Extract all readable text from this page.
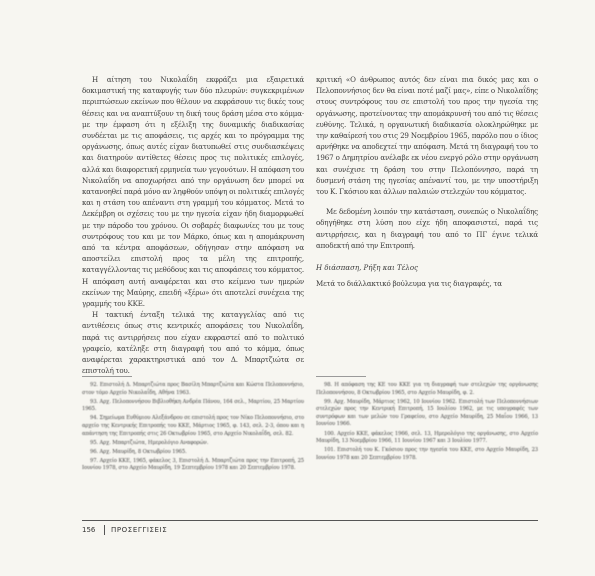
Η αίτηση του Νικολαΐδη εκφράζει μια εξαιρετικά δοκιμαστική της καταφυγής των δύο πλευρών: συγκεκριμένων περιπτώσεων εκείνων που θέλουν να εκφράσουν τις δικές τους θέσεις και να αναπτύξουν τη δική τους δράση μέσα στο κόμμα· με την έμφαση ότι η εξέλιξη της δυναμικής διαδικασίας συνδέεται με τις αποφάσεις, τις αρχές και το πρόγραμμα της οργάνωσης, όπως αυτές είχαν διατυπωθεί στις συνδιασκέψεις και διατηρούν αντίθετες θέσεις προς τις πολιτικές επιλογές, αλλά και διαφορετική ερμηνεία των γεγονότων. Η απόφαση του Νικολαΐδη να αποχωρήσει από την οργάνωση δεν μπορεί να κατανοηθεί παρά μόνο αν ληφθούν υπόψη οι πολιτικές επιλογές και η στάση του απέναντι στη γραμμή του κόμματος. Μετά το Δεκέμβρη οι σχέσεις του με την ηγεσία είχαν ήδη διαμορφωθεί με την πάροδο του χρόνου. Οι σοβαρές διαφωνίες του με τους συντρόφους του και με τον Μάρκο, όπως και η απομάκρυνση από τα κέντρα αποφάσεων, οδήγησαν στην απόφαση να αποστείλει επιστολή προς τα μέλη της επιτροπής, καταγγέλλοντας τις μεθόδους και τις αποφάσεις του κόμματος. Η απόφαση αυτή αναφέρεται και στο κείμενο των ημερών εκείνων της Μαύρης, επειδή «ξέρω» ότι αποτελεί συνέχεια της γραμμής του ΚΚΕ.

Η τακτική ένταξη τελικά της καταγγελίας από τις αντιθέσεις όπως στις κεντρικές αποφάσεις του Νικολαΐδη, παρά τις αντιρρήσεις που είχαν εκφραστεί από το πολιτικό γραφείο, κατέληξε στη διαγραφή του από το κόμμα, όπως αναφέρεται χαρακτηριστικά από τον Δ. Μπαρτζιώτα σε επιστολή του.

κριτική «Ο άνθρωπος αυτός δεν είναι πια δικός μας και ο Πελοποννήσιος δεν θα είναι ποτέ μαζί μας», είπε ο Νικολαΐδης στους συντρόφους του σε επιστολή του προς την ηγεσία της οργάνωσης, προτείνοντας την απομάκρυνσή του από τις θέσεις ευθύνης. Τελικά, η οργανωτική διαδικασία ολοκληρώθηκε με την καθαίρεσή του στις 29 Νοεμβρίου 1965, παρόλο που ο ίδιος αρνήθηκε να αποδεχτεί την απόφαση. Μετά τη διαγραφή του το 1967 ο Δημητρίου ανέλαβε εκ νέου ενεργό ρόλο στην οργάνωση και συνέχισε τη δράση του στην Πελοπόννησο, παρά τη δυσμενή στάση της ηγεσίας απέναντί του, με την υποστήριξη του Κ. Γκόσιου και άλλων παλαιών στελεχών του κόμματος.

Με δεδομένη λοιπόν την κατάσταση, συνεπώς ο Νικολαΐδης οδηγήθηκε στη λύση που είχε ήδη αποφασιστεί, παρά τις αντιρρήσεις, και η διαγραφή του από το ΠΓ έγινε τελικά αποδεκτή από την Επιτροπή.

Η διάσπαση, Ρήξη και Τέλος

Μετά το διάλλακτικό βούλευμα για τις διαγραφές, τα

92. Επιστολή Δ. Μπαρτζιώτα προς Βασίλη Μπαρτζιώτα και Κώστα Πελοποννήσιο, στον τόμο Αρχείο Νικολαΐδη, Αθήνα 1963.

93. Αρχ. Πελοποννήσου Βιβλιοθήκη Ανδρέα Πάνου, 164 σελ., Μαρτίου, 25 Μαρτίου 1965.

94. Σημείωμα Ευθύμιου Αλεξάνδρου σε επιστολή προς τον Νίκο Πελοποννήσιο, στο αρχείο της Κεντρικής Επιτροπής του ΚΚΕ, Μάρτιος 1965, φ. 143, σελ. 2-3, όπου και η απάντηση της Επιτροπής στις 26 Οκτωβρίου 1965, στο Αρχείο Νικολαΐδη, σελ. 82.

95. Αρχ. Μπαρτζιώτα, Ημερολόγιο Αναφορών.

96. Αρχ. Μαυρίδη, 8 Οκτωβρίου 1965.

97. Αρχείο ΚΚΕ, 1965, φάκελος 3, Επιστολή Δ. Μπαρτζιώτα προς την Επιτροπή, 25 Ιουνίου 1978, στο Αρχείο Μαυρίδη, 19 Σεπτεμβρίου 1978 και 20 Σεπτεμβρίου 1978.

98. Η απόφαση της ΚΕ του ΚΚΕ για τη διαγραφή των στελεχών της οργάνωσης Πελοποννήσου, 8 Οκτωβρίου 1965, στο Αρχείο Μαυρίδη, φ. 2.

99. Αρχ. Μαυρίδη, Μάρτιος 1962, 10 Ιουνίου 1962. Επιστολή των Πελοποννήσιων στελεχών προς την Κεντρική Επιτροπή, 15 Ιουλίου 1962, με τις υπογραφές των συντρόφων και των μελών του Γραφείου, στο Αρχείο Μαυρίδη, 25 Μαΐου 1966, 13 Ιουνίου 1966.

100. Αρχείο ΚΚΕ, φάκελος 1966, σελ. 13, Ημερολόγιο της οργάνωσης, στο Αρχείο Μαυρίδη, 13 Νοεμβρίου 1966, 11 Ιουνίου 1967 και 3 Ιουλίου 1977.

101. Επιστολή του Κ. Γκόσιου προς την ηγεσία του ΚΚΕ, στο Αρχείο Μαυρίδη, 23 Ιουνίου 1978 και 20 Σεπτεμβρίου 1978.

156	ΠΡΟΣΕΓΓΙΣΕΙΣ
